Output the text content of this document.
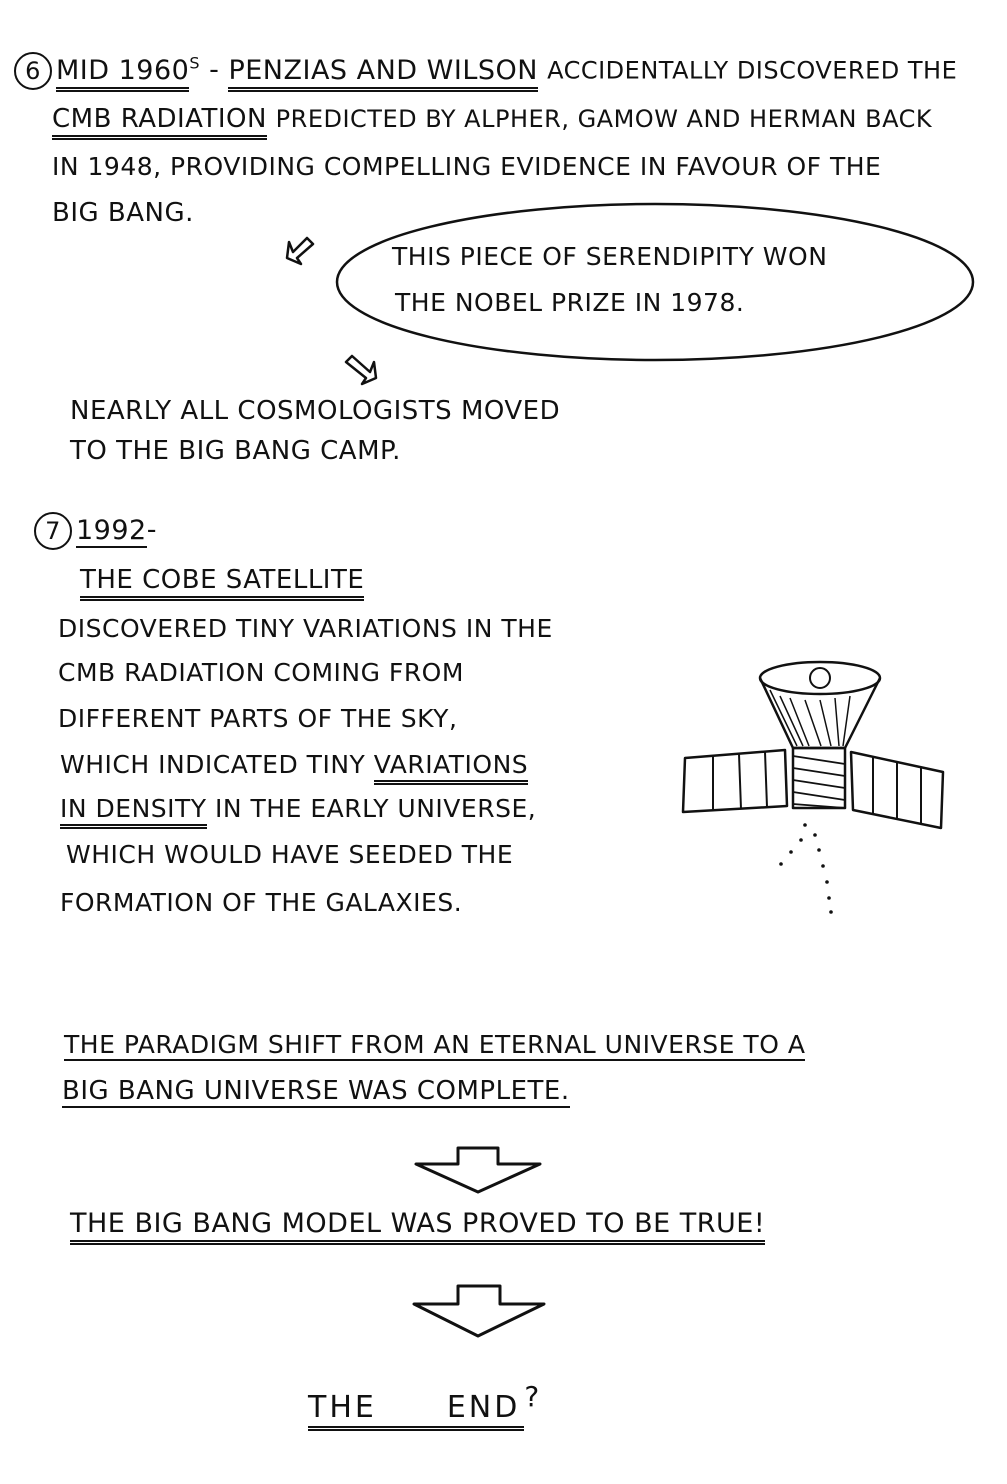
6 MID $1960^S$ - PENZIAS AND WILSON ACCIDENTALLY DISCOVERED THE
CMB RADIATION PREDICTED BY ALPHER, GAMOW AND HERMAN BACK
IN 1948, PROVIDING COMPELLING EVIDENCE IN FAVOUR OF THE
BIG BANG.
THIS PIECE OF SERENDIPITY WON
THE NOBEL PRIZE IN 1978.
NEARLY ALL COSMOLOGISTS MOVED
TO THE BIG BANG CAMP.
7 1992-
THE COBE SATELLITE
DISCOVERED TINY VARIATIONS IN THE
CMB RADIATION COMING FROM
DIFFERENT PARTS OF THE SKY,
WHICH INDICATED TINY VARIATIONS
IN DENSITY IN THE EARLY UNIVERSE,
WHICH WOULD HAVE SEEDED THE
FORMATION OF THE GALAXIES.
THE PARADIGM SHIFT FROM AN ETERNAL UNIVERSE TO A
BIG BANG UNIVERSE WAS COMPLETE.
THE BIG BANG MODEL WAS PROVED TO BE TRUE!
THE END ?
